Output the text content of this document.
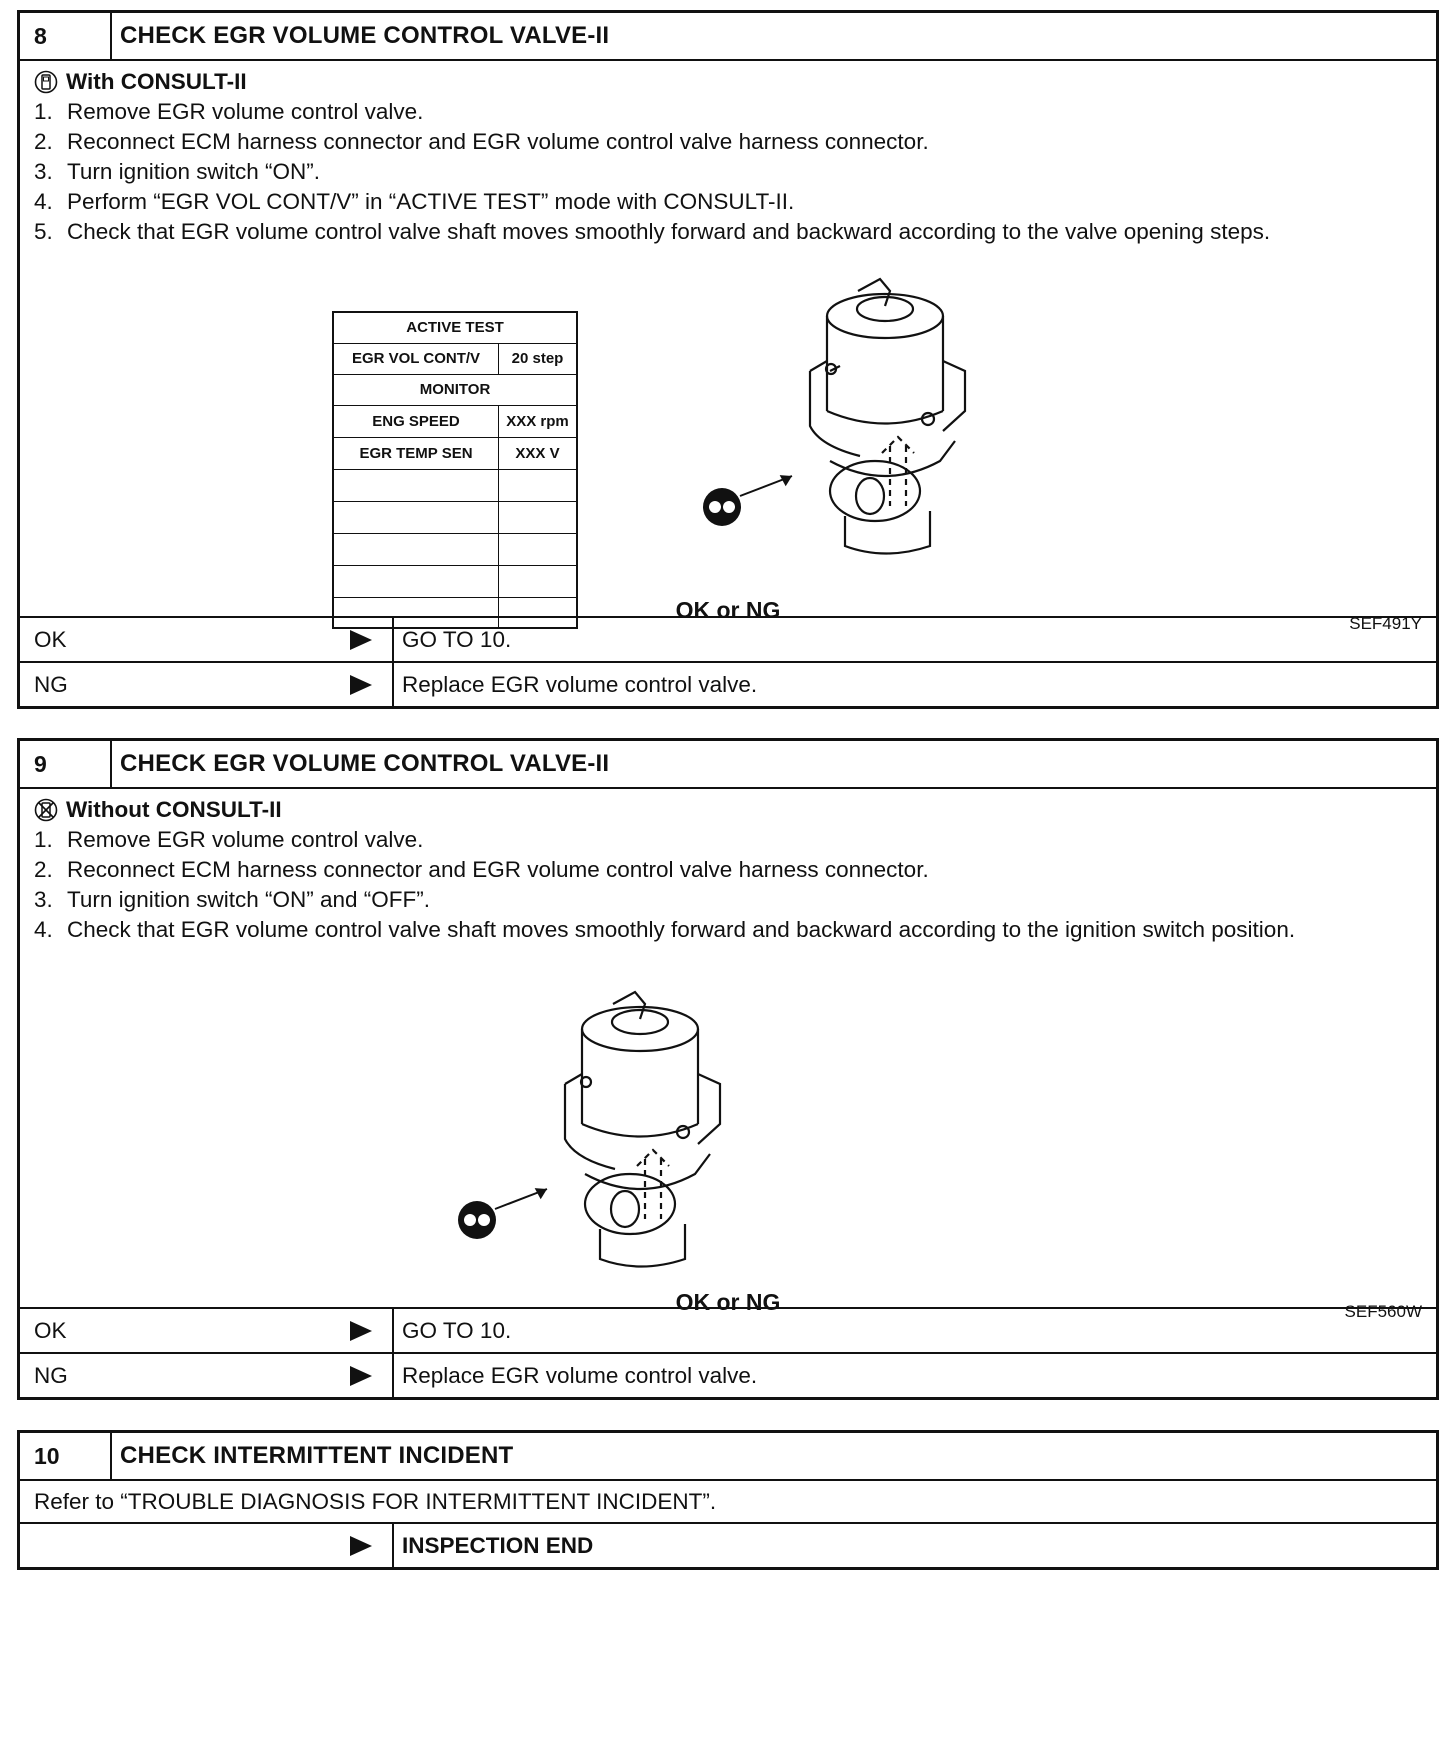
8	CHECK EGR VOLUME CONTROL VALVE-II
With CONSULT-II
1. Remove EGR volume control valve.
2. Reconnect ECM harness connector and EGR volume control valve harness connector.
3. Turn ignition switch “ON”.
4. Perform “EGR VOL CONT/V” in “ACTIVE TEST” mode with CONSULT-II.
5. Check that EGR volume control valve shaft moves smoothly forward and backward according to the valve opening steps.
ACTIVE TEST	
EGR VOL CONT/V	20 step
MONITOR	
ENG SPEED	XXX rpm
EGR TEMP SEN	XXX V

SEF491Y
OK or NG
OK	GO TO 10.
NG	Replace EGR volume control valve.
9	CHECK EGR VOLUME CONTROL VALVE-II
Without CONSULT-II
1. Remove EGR volume control valve.
2. Reconnect ECM harness connector and EGR volume control valve harness connector.
3. Turn ignition switch “ON” and “OFF”.
4. Check that EGR volume control valve shaft moves smoothly forward and backward according to the ignition switch position.
SEF560W
OK or NG
OK	GO TO 10.
NG	Replace EGR volume control valve.
10	CHECK INTERMITTENT INCIDENT
Refer to “TROUBLE DIAGNOSIS FOR INTERMITTENT INCIDENT”.
INSPECTION END
